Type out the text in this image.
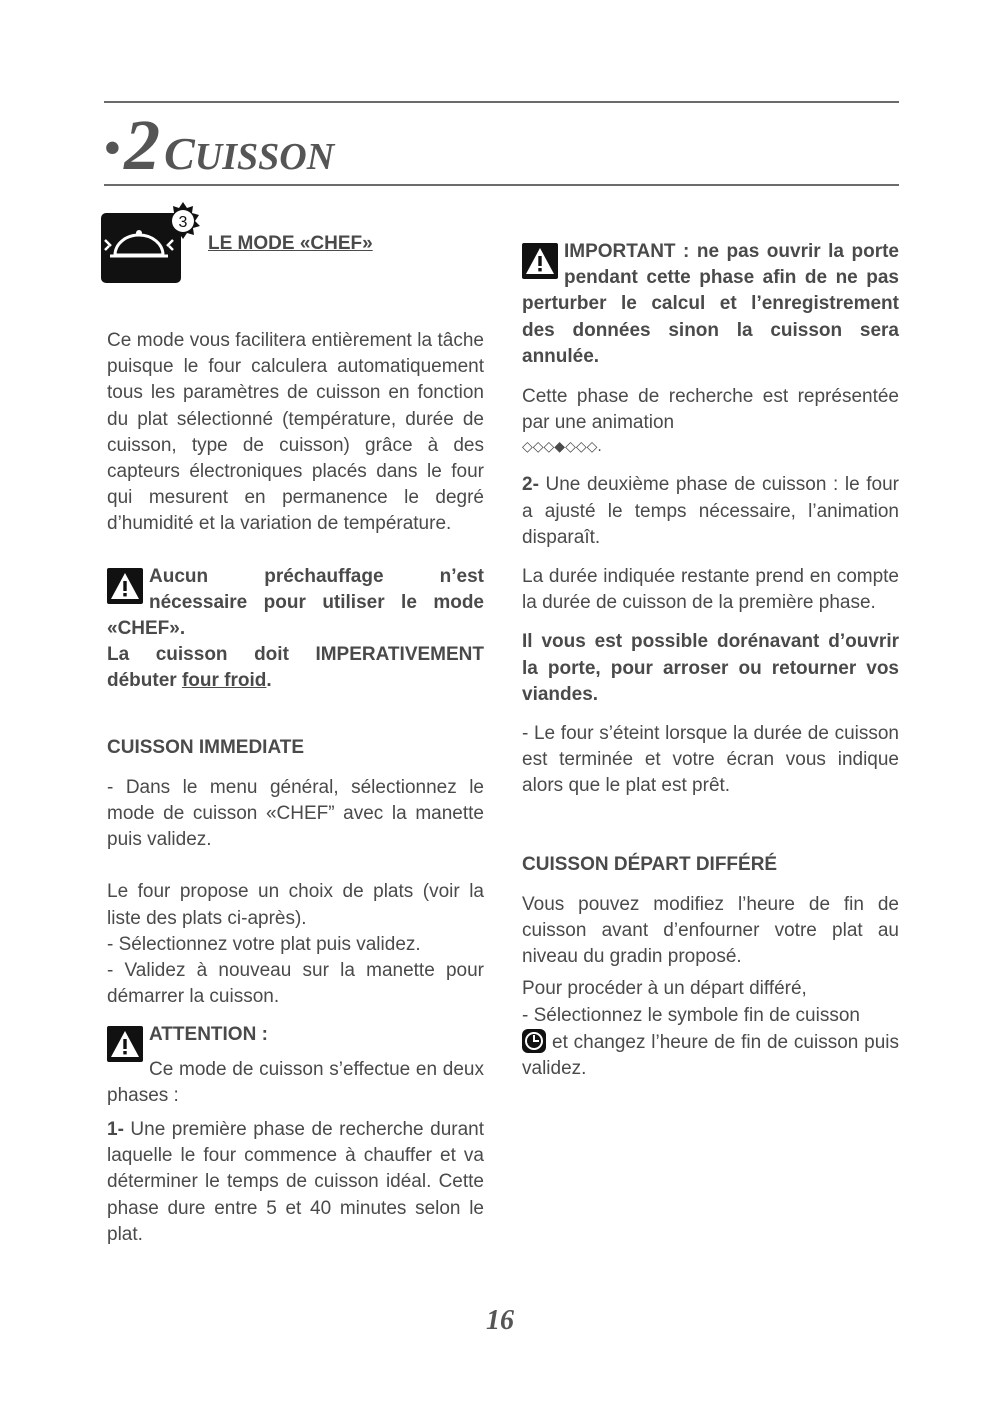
• 2 CUISSON
3
LE MODE «CHEF»

Ce mode vous facilitera entièrement la tâche puisque le four calculera automatiquement tous les paramètres de cuisson en fonction du plat sélectionné (température, durée de cuisson, type de cuisson) grâce à des capteurs électroniques placés dans le four qui mesurent en permanence le degré d’humidité et la variation de température.

Aucun préchauffage n’est nécessaire pour utiliser le mode «CHEF».

La cuisson doit IMPERATIVEMENT débuter four froid.

CUISSON IMMEDIATE

- Dans le menu général, sélectionnez le mode de cuisson «CHEF” avec la manette puis validez.

Le four propose un choix de plats (voir la liste des plats ci-après).

- Sélectionnez votre plat puis validez.

- Validez à nouveau sur la manette pour démarrer la cuisson.

ATTENTION :

Ce mode de cuisson s’effectue en deux phases :

1- Une première phase de recherche durant laquelle le four commence à chauffer et va déterminer le temps de cuisson idéal. Cette phase dure entre 5 et 40 minutes selon le plat.

IMPORTANT : ne pas ouvrir la porte pendant cette phase afin de ne pas perturber le calcul et l’enregistrement des données sinon la cuisson sera annulée.

Cette phase de recherche est représentée par une animation

◇◇◇◆◇◇◇.

2- Une deuxième phase de cuisson : le four a ajusté le temps nécessaire, l’animation disparaît.

La durée indiquée restante prend en compte la durée de cuisson de la première phase.

Il vous est possible dorénavant d’ouvrir la porte, pour arroser ou retourner vos viandes.

- Le four s’éteint lorsque la durée de cuisson est terminée et votre écran vous indique alors que le plat est prêt.

CUISSON DÉPART DIFFÉRÉ

Vous pouvez modifiez l’heure de fin de cuisson avant d’enfourner votre plat au niveau du gradin proposé.

Pour procéder à un départ différé,

- Sélectionnez le symbole fin de cuisson

et changez l’heure de fin de cuisson puis validez.

16
